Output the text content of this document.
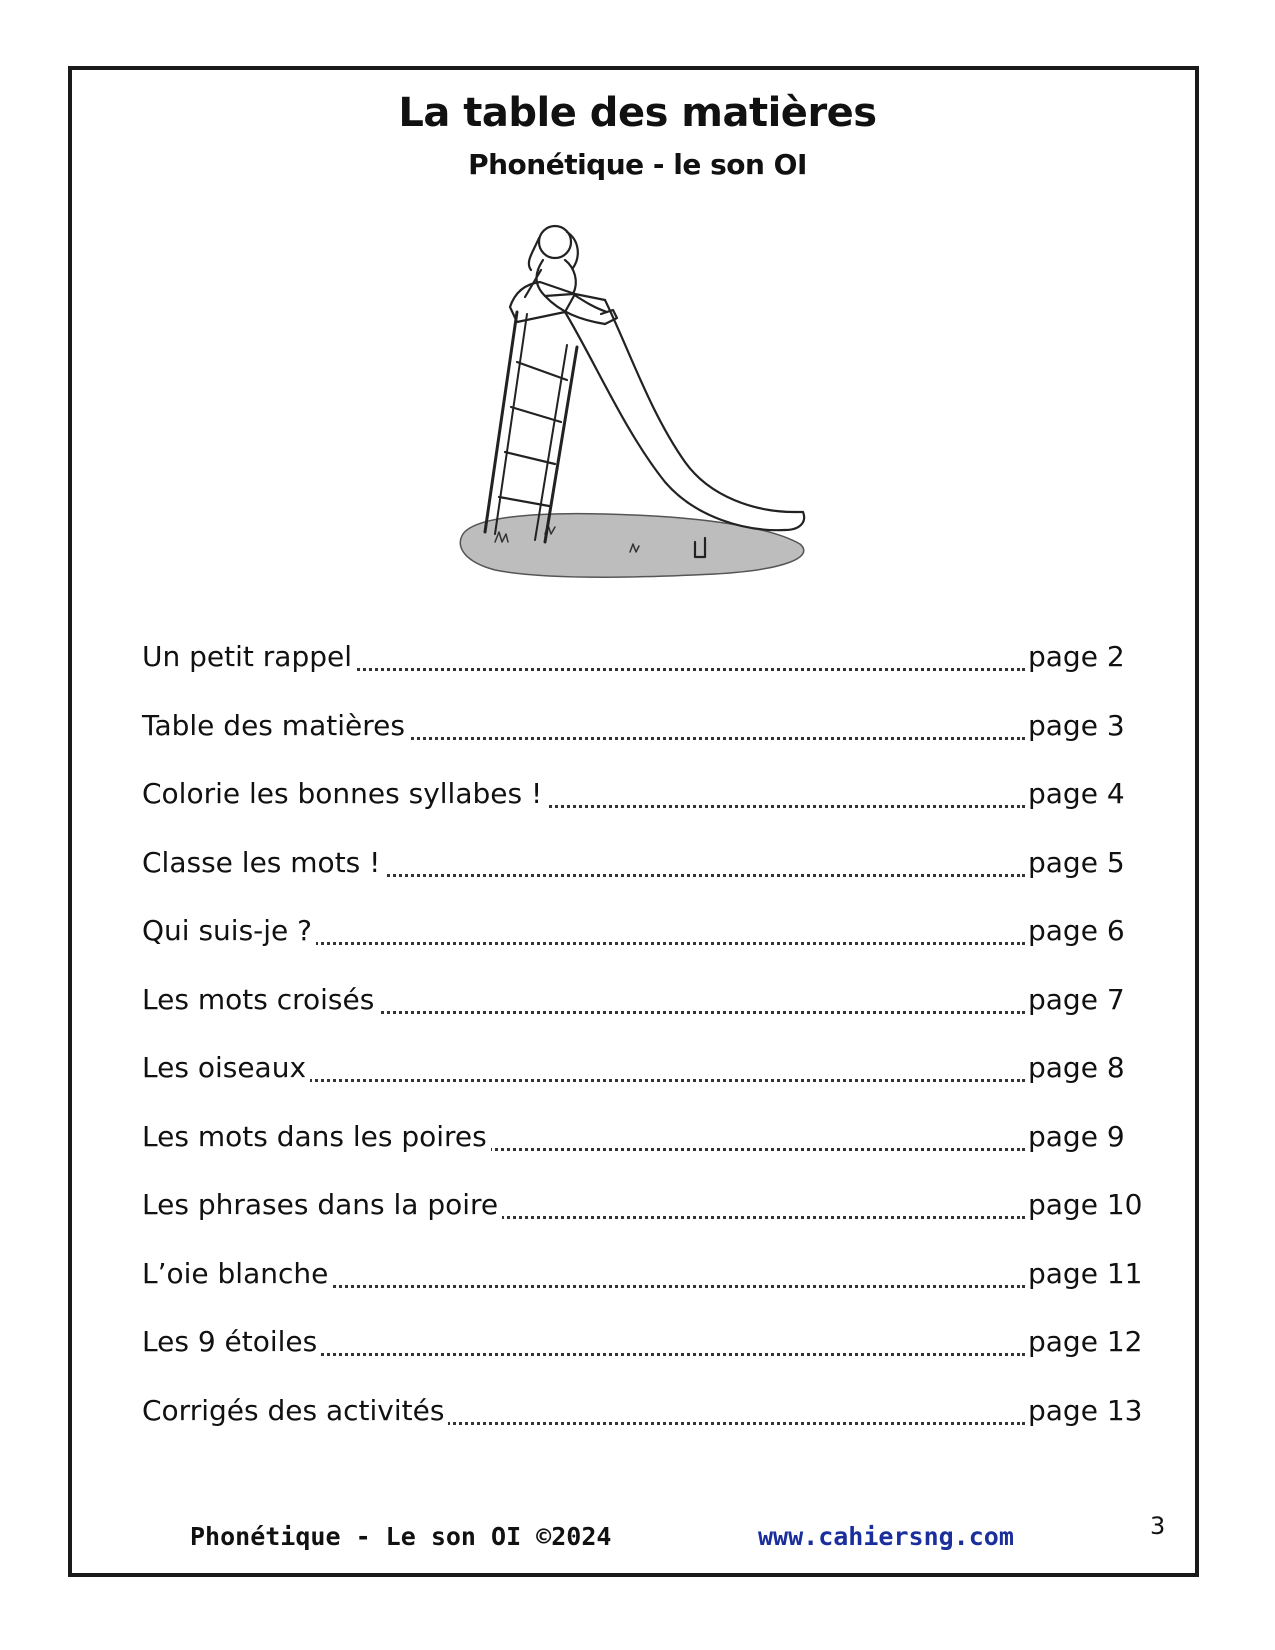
La table des matières
Phonétique - le son OI
Un petit rappel	page 2
Table des matières	page 3
Colorie les bonnes syllabes !	page 4
Classe les mots !	page 5
Qui suis-je ?	page 6
Les mots croisés	page 7
Les oiseaux	page 8
Les mots dans les poires	page 9
Les phrases dans la poire	page 10
L’oie blanche	page 11
Les 9 étoiles	page 12
Corrigés des activités	page 13
Phonétique - Le son OI ©2024	www.cahiersng.com	3
